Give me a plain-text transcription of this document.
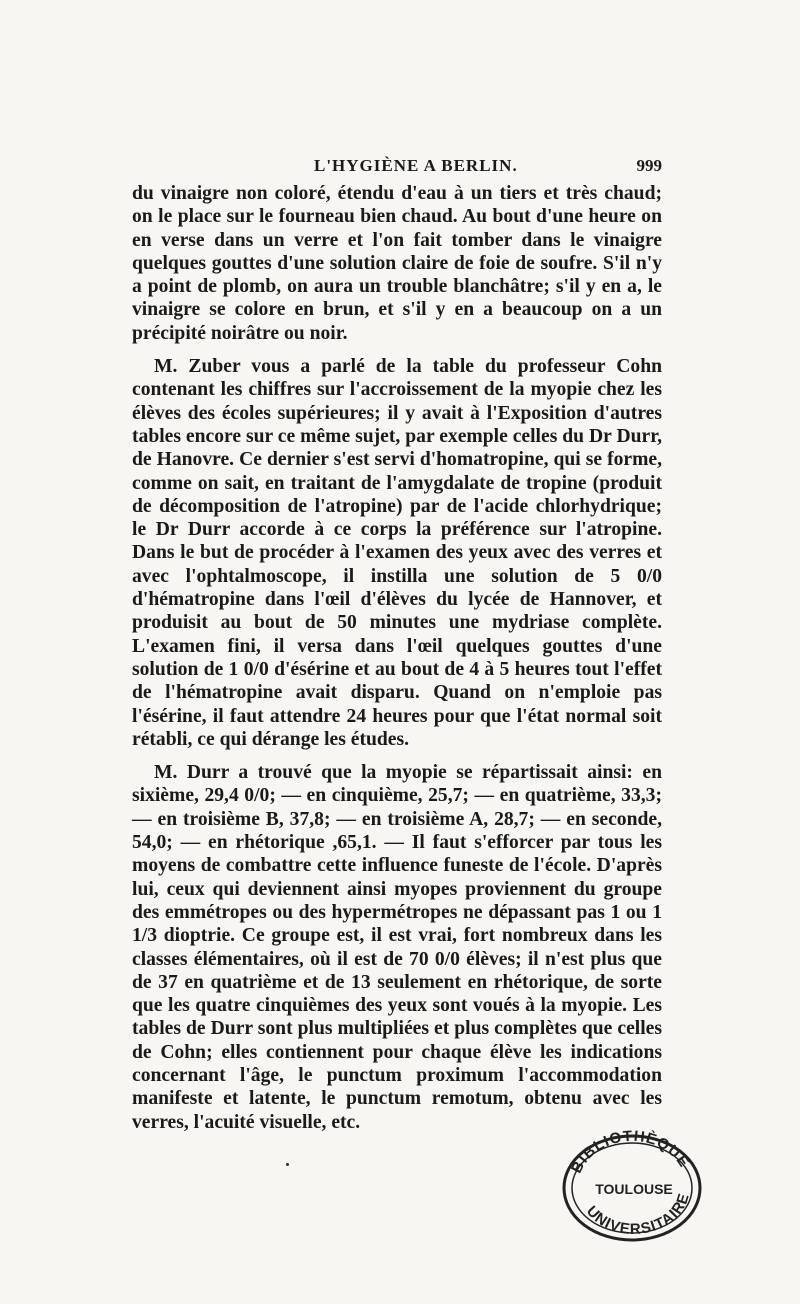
L'HYGIÈNE A BERLIN.	999

du vinaigre non coloré, étendu d'eau à un tiers et très chaud; on le place sur le fourneau bien chaud. Au bout d'une heure on en verse dans un verre et l'on fait tomber dans le vinaigre quelques gouttes d'une solution claire de foie de soufre. S'il n'y a point de plomb, on aura un trouble blanchâtre; s'il y en a, le vinaigre se colore en brun, et s'il y en a beaucoup on a un précipité noirâtre ou noir.

M. Zuber vous a parlé de la table du professeur Cohn contenant les chiffres sur l'accroissement de la myopie chez les élèves des écoles supérieures; il y avait à l'Exposition d'autres tables encore sur ce même sujet, par exemple celles du Dr Durr, de Hanovre. Ce dernier s'est servi d'homatropine, qui se forme, comme on sait, en traitant de l'amygdalate de tropine (produit de décomposition de l'atropine) par de l'acide chlorhydrique; le Dr Durr accorde à ce corps la préférence sur l'atropine. Dans le but de procéder à l'examen des yeux avec des verres et avec l'ophtalmoscope, il instilla une solution de 5 0/0 d'hématropine dans l'œil d'élèves du lycée de Hannover, et produisit au bout de 50 minutes une mydriase complète. L'examen fini, il versa dans l'œil quelques gouttes d'une solution de 1 0/0 d'ésérine et au bout de 4 à 5 heures tout l'effet de l'hématropine avait disparu. Quand on n'emploie pas l'ésérine, il faut attendre 24 heures pour que l'état normal soit rétabli, ce qui dérange les études.

M. Durr a trouvé que la myopie se répartissait ainsi: en sixième, 29,4 0/0; — en cinquième, 25,7; — en quatrième, 33,3; — en troisième B, 37,8; — en troisième A, 28,7; — en seconde, 54,0; — en rhétorique ,65,1. — Il faut s'efforcer par tous les moyens de combattre cette influence funeste de l'école. D'après lui, ceux qui deviennent ainsi myopes proviennent du groupe des emmétropes ou des hypermétropes ne dépassant pas 1 ou 1 1/3 dioptrie. Ce groupe est, il est vrai, fort nombreux dans les classes élémentaires, où il est de 70 0/0 élèves; il n'est plus que de 37 en quatrième et de 13 seulement en rhétorique, de sorte que les quatre cinquièmes des yeux sont voués à la myopie. Les tables de Durr sont plus multipliées et plus complètes que celles de Cohn; elles contiennent pour chaque élève les indications concernant l'âge, le punctum proximum l'accommodation manifeste et latente, le punctum remotum, obtenu avec les verres, l'acuité visuelle, etc.

BIBLIOTHÈQUE
TOULOUSE
UNIVERSITAIRE
